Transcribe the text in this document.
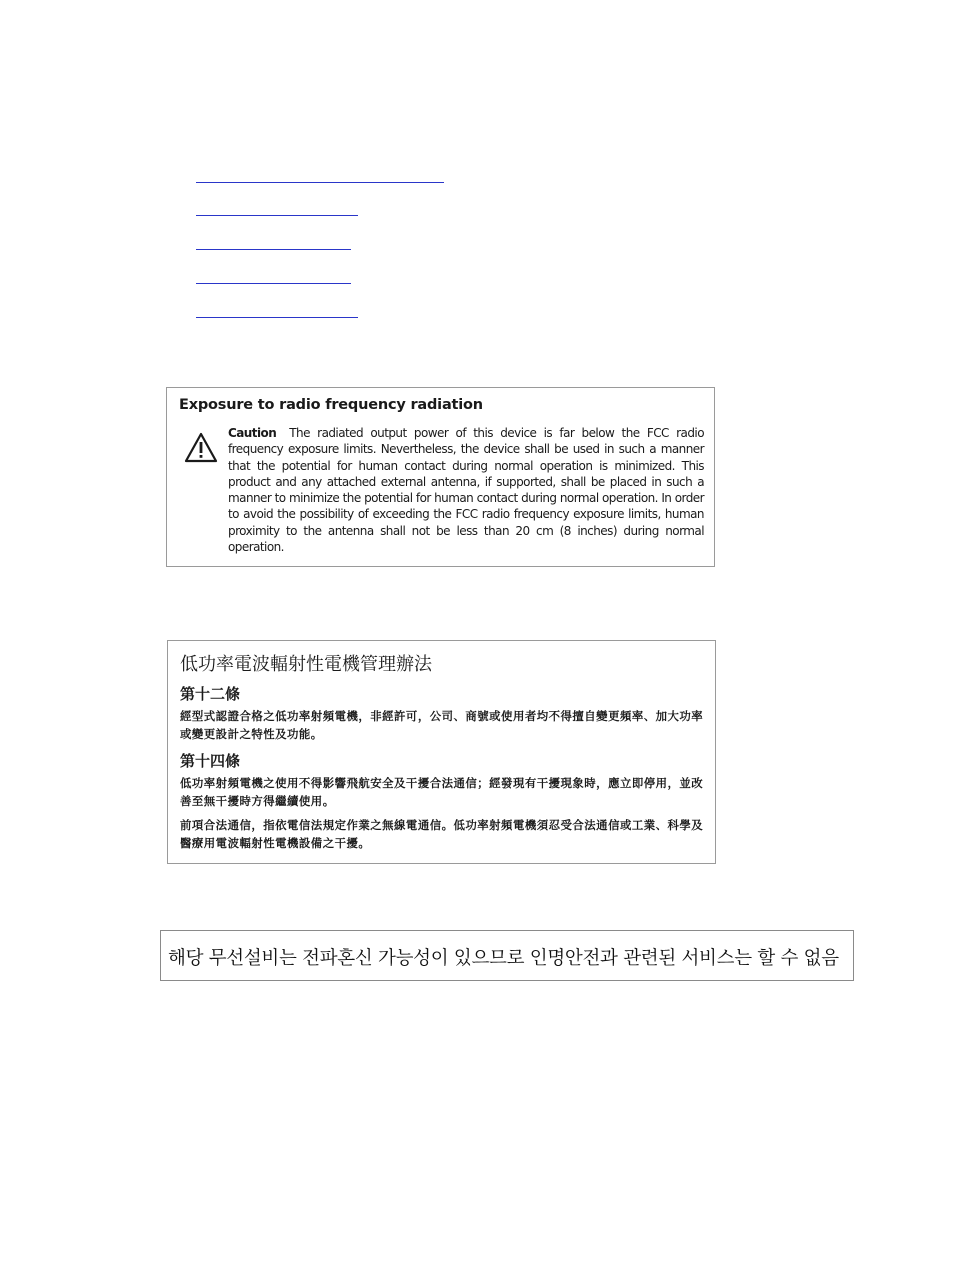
Exposure to radio frequency radiation
Caution The radiated output power of this device is far below the FCC radio frequency exposure limits. Nevertheless, the device shall be used in such a manner that the potential for human contact during normal operation is minimized. This product and any attached external antenna, if supported, shall be placed in such a manner to minimize the potential for human contact during normal operation. In order to avoid the possibility of exceeding the FCC radio frequency exposure limits, human proximity to the antenna shall not be less than 20 cm (8 inches) during normal operation.
低功率電波輻射性電機管理辦法
第十二條
經型式認證合格之低功率射頻電機，非經許可，公司、商號或使用者均不得擅自變更頻率、加大功率或變更設計之特性及功能。
第十四條
低功率射頻電機之使用不得影響飛航安全及干擾合法通信；經發現有干擾現象時，應立即停用，並改善至無干擾時方得繼續使用。
前項合法通信，指依電信法規定作業之無線電通信。低功率射頻電機須忍受合法通信或工業、科學及醫療用電波輻射性電機設備之干擾。
해당 무선설비는 전파혼신 가능성이 있으므로 인명안전과 관련된 서비스는 할 수 없음
